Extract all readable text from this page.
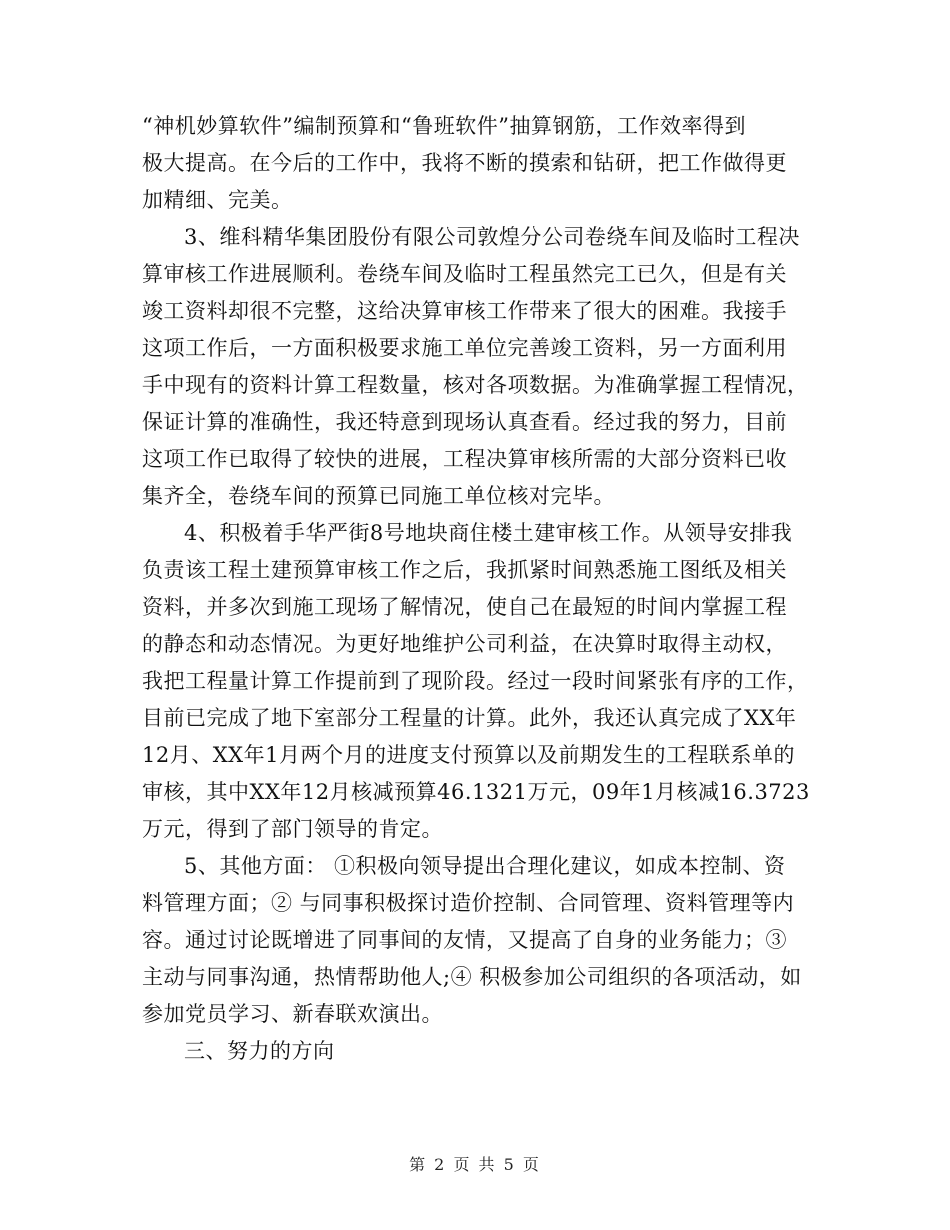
“神机妙算软件”编制预算和“鲁班软件”抽算钢筋，工作效率得到
极大提高。在今后的工作中，我将不断的摸索和钻研，把工作做得更
加精细、完美。
3、维科精华集团股份有限公司敦煌分公司卷绕车间及临时工程决
算审核工作进展顺利。卷绕车间及临时工程虽然完工已久，但是有关
竣工资料却很不完整，这给决算审核工作带来了很大的困难。我接手
这项工作后，一方面积极要求施工单位完善竣工资料，另一方面利用
手中现有的资料计算工程数量，核对各项数据。为准确掌握工程情况，
保证计算的准确性，我还特意到现场认真查看。经过我的努力，目前
这项工作已取得了较快的进展，工程决算审核所需的大部分资料已收
集齐全，卷绕车间的预算已同施工单位核对完毕。
4、积极着手华严街8号地块商住楼土建审核工作。从领导安排我
负责该工程土建预算审核工作之后，我抓紧时间熟悉施工图纸及相关
资料，并多次到施工现场了解情况，使自己在最短的时间内掌握工程
的静态和动态情况。为更好地维护公司利益，在决算时取得主动权，
我把工程量计算工作提前到了现阶段。经过一段时间紧张有序的工作，
目前已完成了地下室部分工程量的计算。此外，我还认真完成了XX年
12月、XX年1月两个月的进度支付预算以及前期发生的工程联系单的
审核，其中XX年12月核减预算46.1321万元，09年1月核减16.3723
万元，得到了部门领导的肯定。
5、其他方面： ①积极向领导提出合理化建议，如成本控制、资
料管理方面；② 与同事积极探讨造价控制、合同管理、资料管理等内
容。通过讨论既增进了同事间的友情，又提高了自身的业务能力；③
主动与同事沟通，热情帮助他人;④ 积极参加公司组织的各项活动，如
参加党员学习、新春联欢演出。
三、努力的方向
第 2 页 共 5 页
